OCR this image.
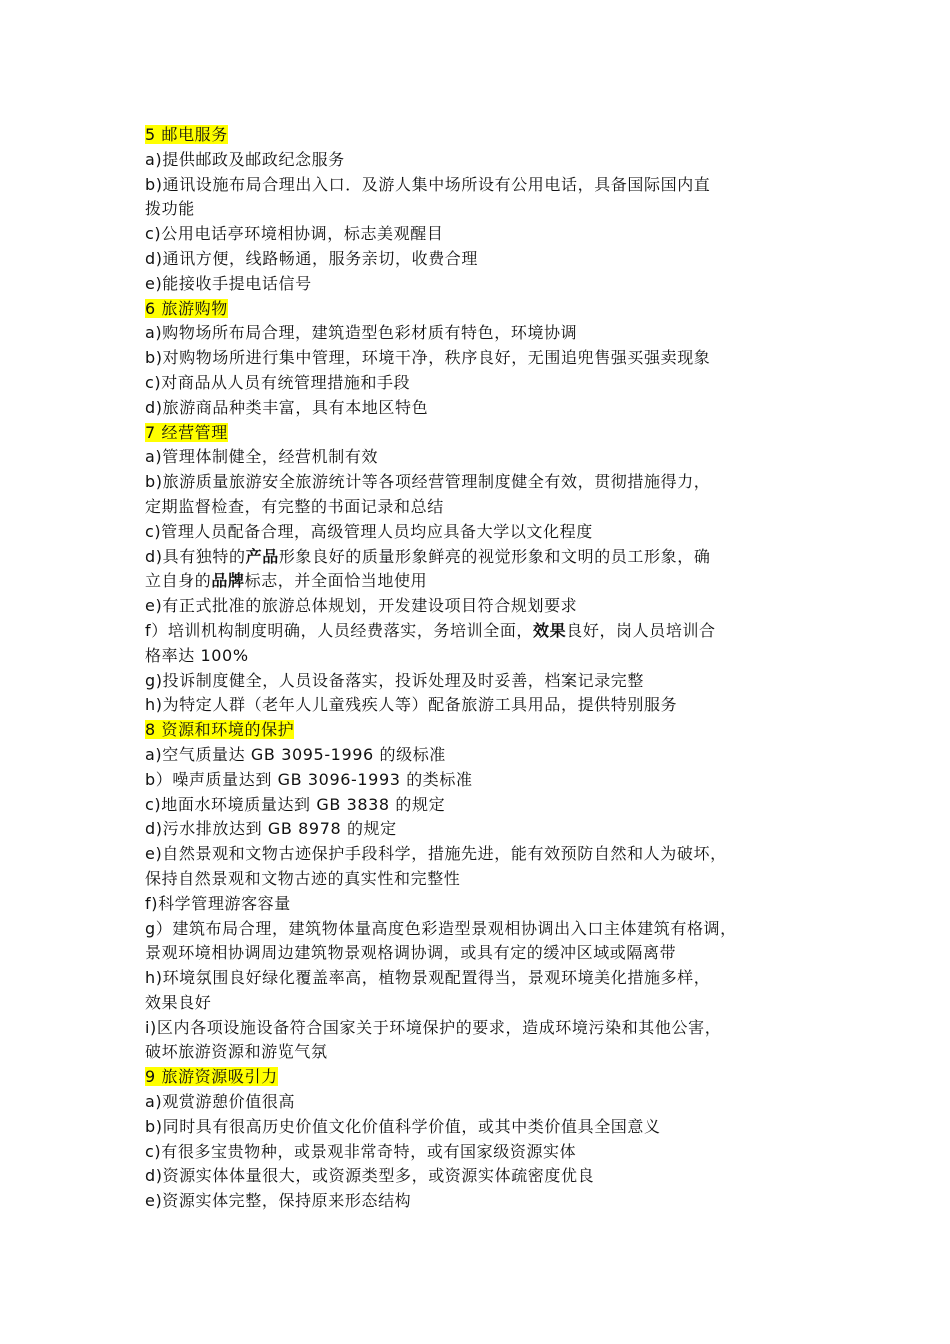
5 邮电服务
a)提供邮政及邮政纪念服务
b)通讯设施布局合理出入口．及游人集中场所设有公用电话，具备国际国内直
拨功能
c)公用电话亭环境相协调，标志美观醒目
d)通讯方便，线路畅通，服务亲切，收费合理
e)能接收手提电话信号
6 旅游购物
a)购物场所布局合理，建筑造型色彩材质有特色，环境协调
b)对购物场所进行集中管理，环境干净，秩序良好，无围追兜售强买强卖现象
c)对商品从人员有统管理措施和手段
d)旅游商品种类丰富，具有本地区特色
7 经营管理
a)管理体制健全，经营机制有效
b)旅游质量旅游安全旅游统计等各项经营管理制度健全有效，贯彻措施得力，
定期监督检查，有完整的书面记录和总结
c)管理人员配备合理，高级管理人员均应具备大学以文化程度
d)具有独特的产品形象良好的质量形象鲜亮的视觉形象和文明的员工形象，确
立自身的品牌标志，并全面恰当地使用
e)有正式批准的旅游总体规划，开发建设项目符合规划要求
f）培训机构制度明确，人员经费落实，务培训全面，效果良好，岗人员培训合
格率达 100%
g)投诉制度健全，人员设备落实，投诉处理及时妥善，档案记录完整
h)为特定人群（老年人儿童残疾人等）配备旅游工具用品，提供特别服务
8 资源和环境的保护
a)空气质量达 GB 3095-1996 的级标准
b）噪声质量达到 GB 3096-1993 的类标准
c)地面水环境质量达到 GB 3838 的规定
d)污水排放达到 GB 8978 的规定
e)自然景观和文物古迹保护手段科学，措施先进，能有效预防自然和人为破坏，
保持自然景观和文物古迹的真实性和完整性
f)科学管理游客容量
g）建筑布局合理，建筑物体量高度色彩造型景观相协调出入口主体建筑有格调，
景观环境相协调周边建筑物景观格调协调，或具有定的缓冲区域或隔离带
h)环境氛围良好绿化覆盖率高，植物景观配置得当，景观环境美化措施多样，
效果良好
i)区内各项设施设备符合国家关于环境保护的要求，造成环境污染和其他公害，
破坏旅游资源和游览气氛
9 旅游资源吸引力
a)观赏游憩价值很高
b)同时具有很高历史价值文化价值科学价值，或其中类价值具全国意义
c)有很多宝贵物种，或景观非常奇特，或有国家级资源实体
d)资源实体体量很大，或资源类型多，或资源实体疏密度优良
e)资源实体完整，保持原来形态结构
